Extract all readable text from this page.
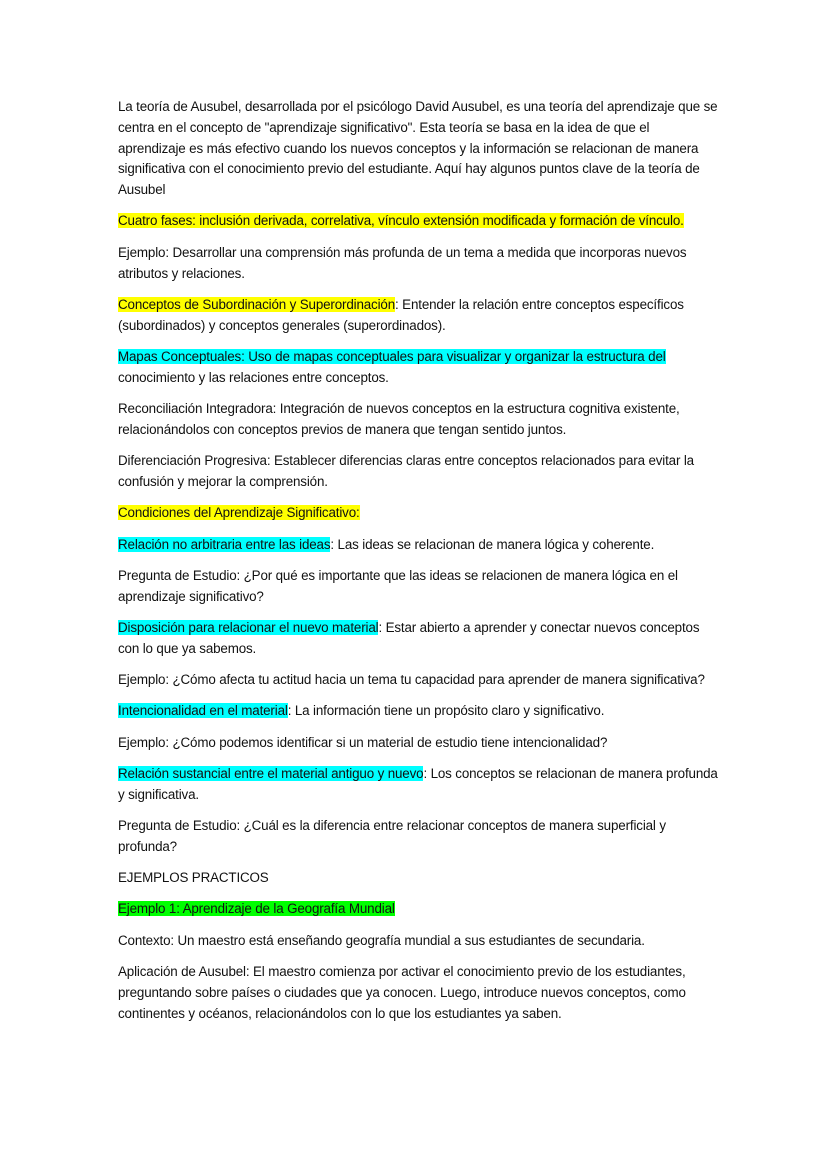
La teoría de Ausubel, desarrollada por el psicólogo David Ausubel, es una teoría del aprendizaje que se centra en el concepto de "aprendizaje significativo". Esta teoría se basa en la idea de que el aprendizaje es más efectivo cuando los nuevos conceptos y la información se relacionan de manera significativa con el conocimiento previo del estudiante. Aquí hay algunos puntos clave de la teoría de Ausubel

Cuatro fases: inclusión derivada, correlativa, vínculo extensión modificada y formación de vínculo.

Ejemplo: Desarrollar una comprensión más profunda de un tema a medida que incorporas nuevos atributos y relaciones.

Conceptos de Subordinación y Superordinación: Entender la relación entre conceptos específicos (subordinados) y conceptos generales (superordinados).

Mapas Conceptuales: Uso de mapas conceptuales para visualizar y organizar la estructura del conocimiento y las relaciones entre conceptos.

Reconciliación Integradora: Integración de nuevos conceptos en la estructura cognitiva existente, relacionándolos con conceptos previos de manera que tengan sentido juntos.

Diferenciación Progresiva: Establecer diferencias claras entre conceptos relacionados para evitar la confusión y mejorar la comprensión.

Condiciones del Aprendizaje Significativo:

Relación no arbitraria entre las ideas: Las ideas se relacionan de manera lógica y coherente.

Pregunta de Estudio: ¿Por qué es importante que las ideas se relacionen de manera lógica en el aprendizaje significativo?

Disposición para relacionar el nuevo material: Estar abierto a aprender y conectar nuevos conceptos con lo que ya sabemos.

Ejemplo: ¿Cómo afecta tu actitud hacia un tema tu capacidad para aprender de manera significativa?

Intencionalidad en el material: La información tiene un propósito claro y significativo.

Ejemplo: ¿Cómo podemos identificar si un material de estudio tiene intencionalidad?

Relación sustancial entre el material antiguo y nuevo: Los conceptos se relacionan de manera profunda y significativa.

Pregunta de Estudio: ¿Cuál es la diferencia entre relacionar conceptos de manera superficial y profunda?

EJEMPLOS PRACTICOS

Ejemplo 1: Aprendizaje de la Geografía Mundial

Contexto: Un maestro está enseñando geografía mundial a sus estudiantes de secundaria.

Aplicación de Ausubel: El maestro comienza por activar el conocimiento previo de los estudiantes, preguntando sobre países o ciudades que ya conocen. Luego, introduce nuevos conceptos, como continentes y océanos, relacionándolos con lo que los estudiantes ya saben.
